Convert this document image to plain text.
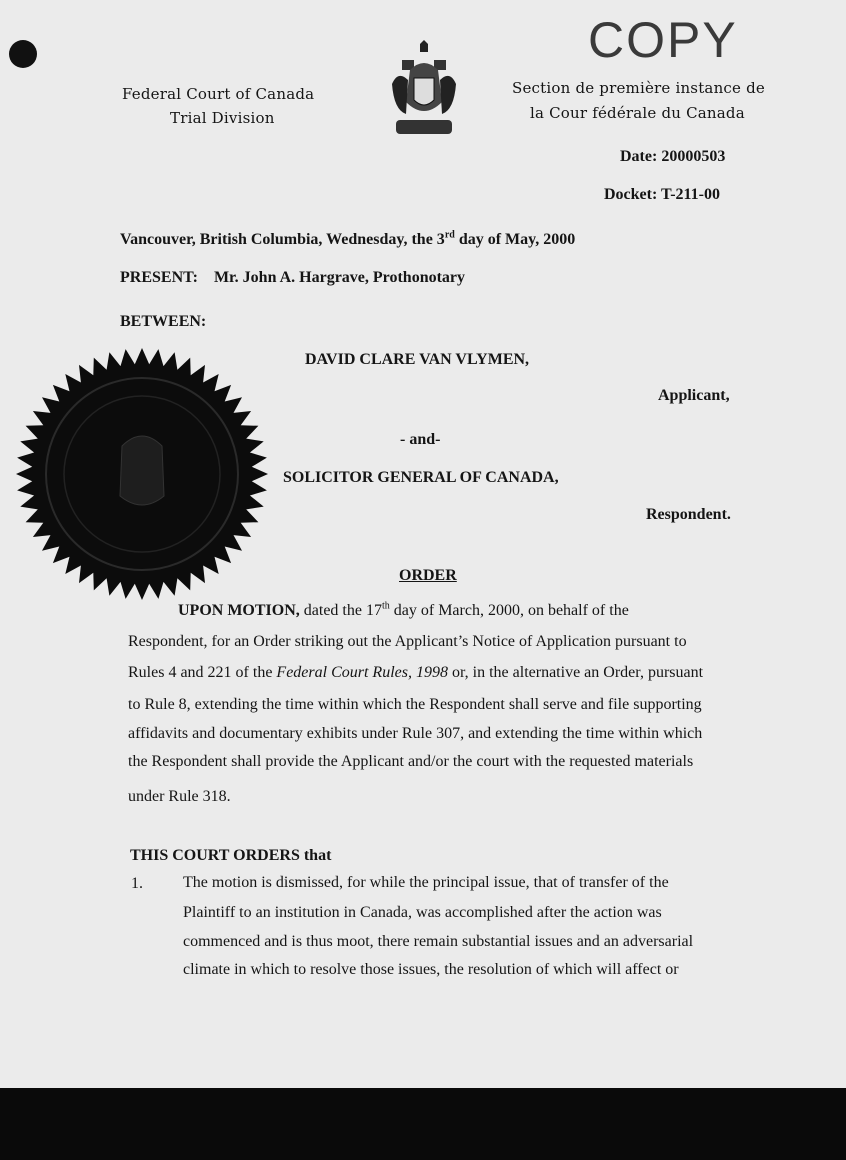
Federal Court of Canada
Trial Division
COPY
Section de première instance de
la Cour fédérale du Canada
Date: 20000503
Docket: T-211-00
Vancouver, British Columbia, Wednesday, the 3rd day of May, 2000
PRESENT: Mr. John A. Hargrave, Prothonotary
BETWEEN:
DAVID CLARE VAN VLYMEN,
Applicant,
- and-
SOLICITOR GENERAL OF CANADA,
Respondent.
ORDER
UPON MOTION, dated the 17th day of March, 2000, on behalf of the
Respondent, for an Order striking out the Applicant’s Notice of Application pursuant to
Rules 4 and 221 of the Federal Court Rules, 1998 or, in the alternative an Order, pursuant
to Rule 8, extending the time within which the Respondent shall serve and file supporting
affidavits and documentary exhibits under Rule 307, and extending the time within which
the Respondent shall provide the Applicant and/or the court with the requested materials
under Rule 318.
THIS COURT ORDERS that
1.	The motion is dismissed, for while the principal issue, that of transfer of the
Plaintiff to an institution in Canada, was accomplished after the action was
commenced and is thus moot, there remain substantial issues and an adversarial
climate in which to resolve those issues, the resolution of which will affect or
